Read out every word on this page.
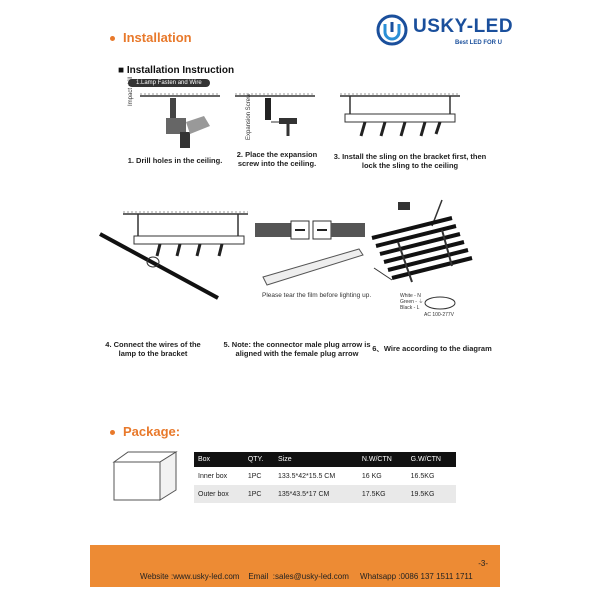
Installation
USKY-LED
Best LED FOR U
■ Installation Instruction
1.Lamp Fasten and Wire
Impact drill
Expansion Screw
1. Drill holes in the ceiling.
2. Place the expansion screw into the ceiling.
3. Install the sling on the bracket first, then lock the sling to the ceiling
Please tear the film before lighting up.	White - N
Green - ⏚
Black - L
AC 100-277V
4. Connect the wires of the lamp to the bracket
5. Note: the connector male plug arrow is aligned with the female plug arrow
6、Wire according to the diagram
Package:
Box	QTY.	Size	N.W/CTN	G.W/CTN
Inner box	1PC	133.5*42*15.5 CM	16 KG	16.5KG
Outer box	1PC	135*43.5*17 CM	17.5KG	19.5KG
-3-
Website :www.usky-led.com    Email  :sales@usky-led.com     Whatsapp :0086 137 1511 1711
